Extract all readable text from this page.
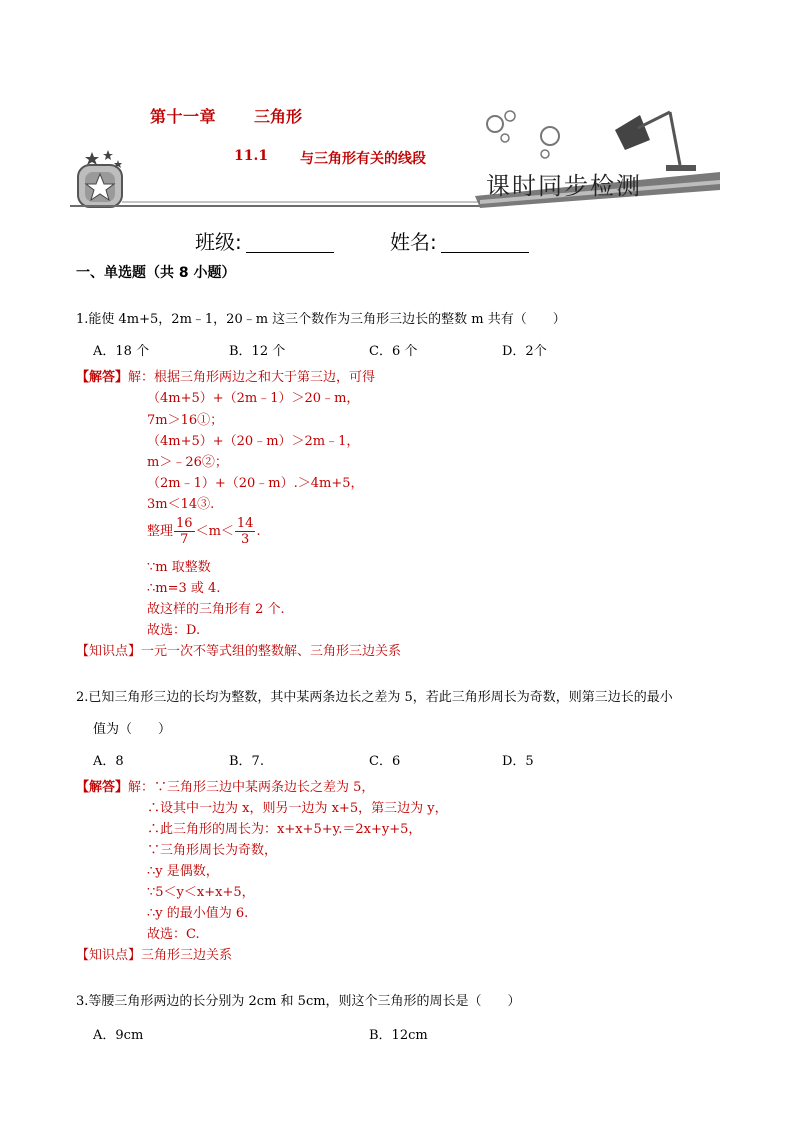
第十一章 三角形
11.1 与三角形有关的线段
课时同步检测
班级:	姓名:
一、单选题（共 8 小题）
1.能使 4m+5，2m﹣1，20﹣m 这三个数作为三角形三边长的整数 m 共有（　　）
A．18 个	B．12 个	C．6 个	D．2个
【解答】解：根据三角形两边之和大于第三边，可得
（4m+5）+（2m﹣1）＞20﹣m，
7m＞16①；
（4m+5）+（20﹣m）＞2m﹣1，
m＞﹣26②；
（2m﹣1）+（20﹣m）.＞4m+5，
3m＜14③.
整理 $\frac{16}{7} <m< \frac{14}{3}$ .
∵m 取整数
∴m=3 或 4.
故这样的三角形有 2 个.
故选：D.
【知识点】一元一次不等式组的整数解、三角形三边关系
2.已知三角形三边的长均为整数，其中某两条边长之差为 5，若此三角形周长为奇数，则第三边长的最小
值为（　　）
A．8	B．7.	C．6	D．5
【解答】解：∵三角形三边中某两条边长之差为 5，
∴设其中一边为 x，则另一边为 x+5，第三边为 y，
∴此三角形的周长为：x+x+5+y.＝2x+y+5，
∵三角形周长为奇数，
∴y 是偶数，
∵5＜y＜x+x+5，
∴y 的最小值为 6.
故选：C.
【知识点】三角形三边关系
3.等腰三角形两边的长分别为 2cm 和 5cm，则这个三角形的周长是（　　）
A．9cm	B．12cm
